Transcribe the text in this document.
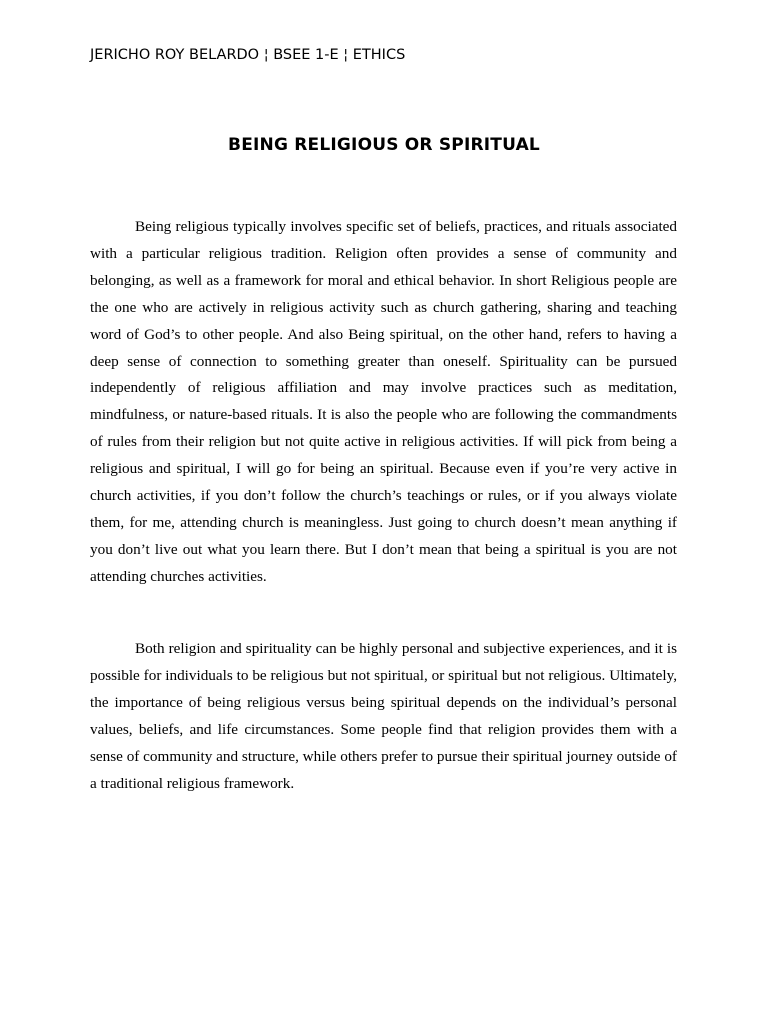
JERICHO ROY BELARDO ¦ BSEE 1-E ¦ ETHICS
BEING RELIGIOUS OR SPIRITUAL

Being religious typically involves specific set of beliefs, practices, and rituals associated with a particular religious tradition. Religion often provides a sense of community and belonging, as well as a framework for moral and ethical behavior. In short Religious people are the one who are actively in religious activity such as church gathering, sharing and teaching word of God’s to other people. And also Being spiritual, on the other hand, refers to having a deep sense of connection to something greater than oneself. Spirituality can be pursued independently of religious affiliation and may involve practices such as meditation, mindfulness, or nature-based rituals. It is also the people who are following the commandments of rules from their religion but not quite active in religious activities. If will pick from being a religious and spiritual, I will go for being an spiritual. Because even if you’re very active in church activities, if you don’t follow the church’s teachings or rules, or if you always violate them, for me, attending church is meaningless. Just going to church doesn’t mean anything if you don’t live out what you learn there. But I don’t mean that being a spiritual is you are not attending churches activities.

Both religion and spirituality can be highly personal and subjective experiences, and it is possible for individuals to be religious but not spiritual, or spiritual but not religious. Ultimately, the importance of being religious versus being spiritual depends on the individual’s personal values, beliefs, and life circumstances. Some people find that religion provides them with a sense of community and structure, while others prefer to pursue their spiritual journey outside of a traditional religious framework.
